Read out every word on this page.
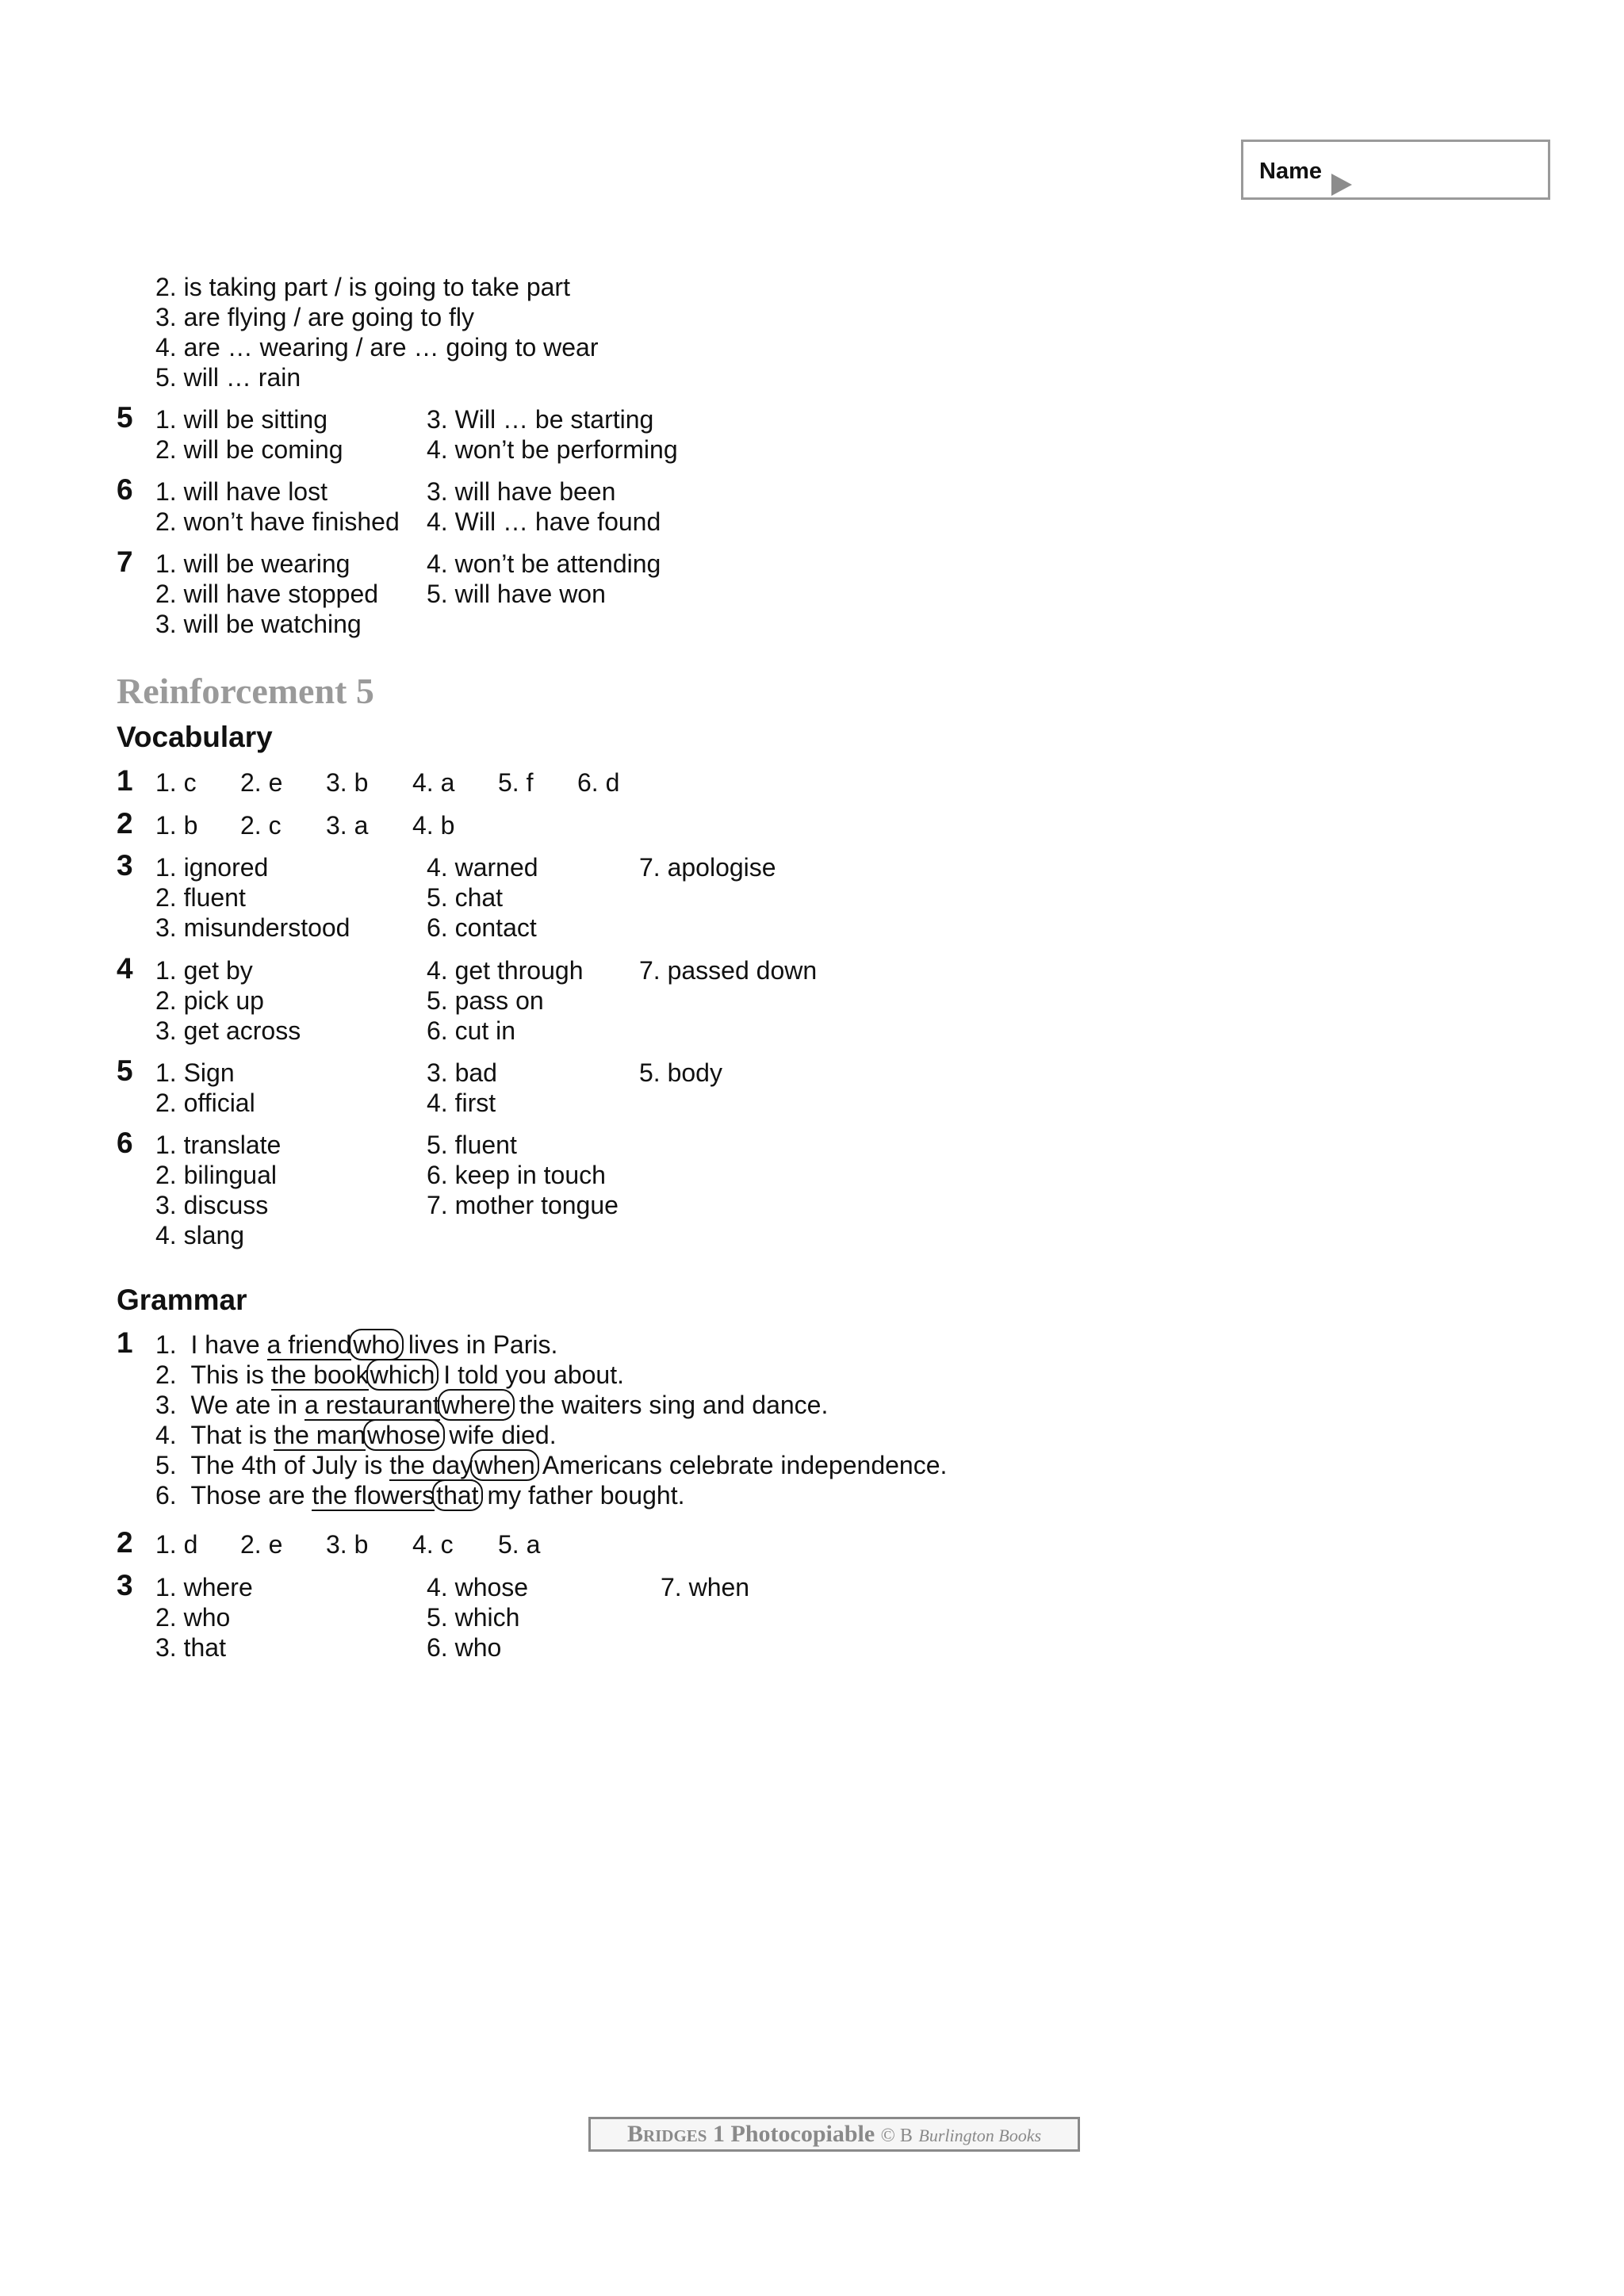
Name
2. is taking part / is going to take part
3. are flying / are going to fly
4. are … wearing / are … going to wear
5. will … rain
5 1. will be sitting
2. will be coming
3. Will … be starting
4. won’t be performing
6 1. will have lost
2. won’t have finished
3. will have been
4. Will … have found
7 1. will be wearing
2. will have stopped
3. will be watching
4. won’t be attending
5. will have won
Reinforcement 5
Vocabulary
1 1. c 2. e 3. b 4. a 5. f 6. d
2 1. b 2. c 3. a 4. b
3 1. ignored
2. fluent
3. misunderstood
4. warned
5. chat
6. contact
7. apologise
4 1. get by
2. pick up
3. get across
4. get through
5. pass on
6. cut in
7. passed down
5 1. Sign
2. official
3. bad
4. first
5. body
6 1. translate
2. bilingual
3. discuss
4. slang
5. fluent
6. keep in touch
7. mother tongue
Grammar
1 1. I have a friendwho lives in Paris.
2. This is the bookwhich I told you about.
3. We ate in a restaurantwhere the waiters sing and dance.
4. That is the manwhose wife died.
5. The 4th of July is the daywhen Americans celebrate independence.
6. Those are the flowersthat my father bought.
2 1. d 2. e 3. b 4. c 5. a
3 1. where
2. who
3. that
4. whose
5. which
6. who
7. when
Bridges 1 Photocopiable © B Burlington Books
